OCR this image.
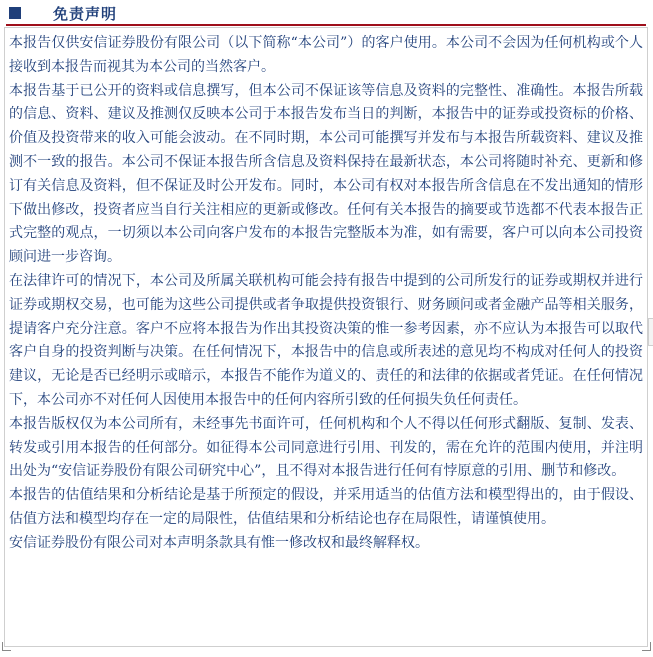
免责声明

本报告仅供安信证券股份有限公司（以下简称“本公司”）的客户使用。本公司不会因为任何机构或个人接收到本报告而视其为本公司的当然客户。

本报告基于已公开的资料或信息撰写，但本公司不保证该等信息及资料的完整性、准确性。本报告所载的信息、资料、建议及推测仅反映本公司于本报告发布当日的判断，本报告中的证券或投资标的价格、价值及投资带来的收入可能会波动。在不同时期，本公司可能撰写并发布与本报告所载资料、建议及推测不一致的报告。本公司不保证本报告所含信息及资料保持在最新状态，本公司将随时补充、更新和修订有关信息及资料，但不保证及时公开发布。同时，本公司有权对本报告所含信息在不发出通知的情形下做出修改，投资者应当自行关注相应的更新或修改。任何有关本报告的摘要或节选都不代表本报告正式完整的观点，一切须以本公司向客户发布的本报告完整版本为准，如有需要，客户可以向本公司投资顾问进一步咨询。

在法律许可的情况下，本公司及所属关联机构可能会持有报告中提到的公司所发行的证券或期权并进行证券或期权交易，也可能为这些公司提供或者争取提供投资银行、财务顾问或者金融产品等相关服务，提请客户充分注意。客户不应将本报告为作出其投资决策的惟一参考因素，亦不应认为本报告可以取代客户自身的投资判断与决策。在任何情况下，本报告中的信息或所表述的意见均不构成对任何人的投资建议，无论是否已经明示或暗示，本报告不能作为道义的、责任的和法律的依据或者凭证。在任何情况下，本公司亦不对任何人因使用本报告中的任何内容所引致的任何损失负任何责任。

本报告版权仅为本公司所有，未经事先书面许可，任何机构和个人不得以任何形式翻版、复制、发表、转发或引用本报告的任何部分。如征得本公司同意进行引用、刊发的，需在允许的范围内使用，并注明出处为“安信证券股份有限公司研究中心”，且不得对本报告进行任何有悖原意的引用、删节和修改。

本报告的估值结果和分析结论是基于所预定的假设，并采用适当的估值方法和模型得出的，由于假设、估值方法和模型均存在一定的局限性，估值结果和分析结论也存在局限性，请谨慎使用。

安信证券股份有限公司对本声明条款具有惟一修改权和最终解释权。
